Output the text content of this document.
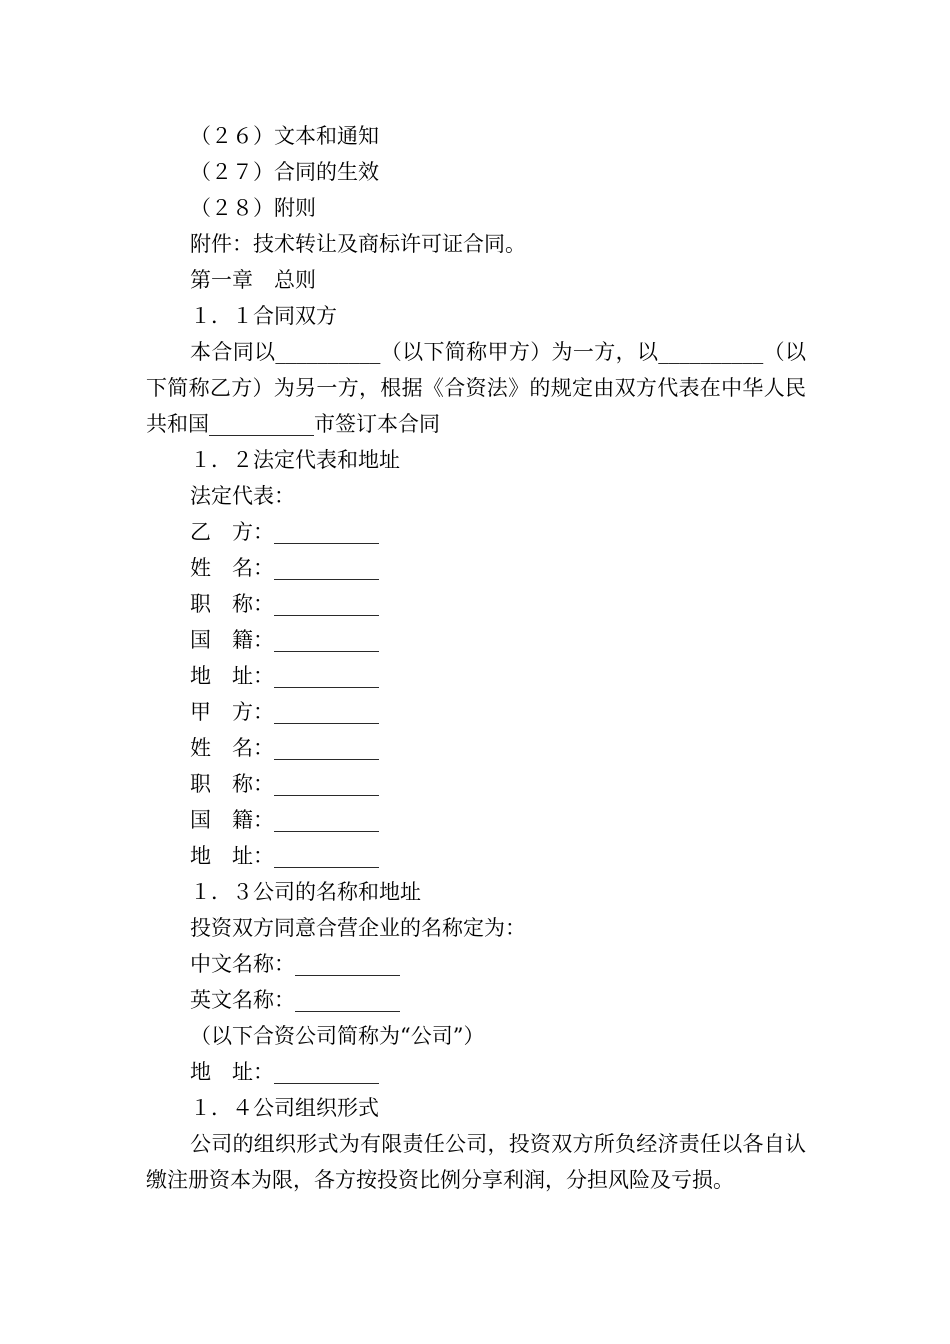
（２６）文本和通知
（２７）合同的生效
（２８）附则
附件：技术转让及商标许可证合同。
第一章　总则
１．１合同双方
本合同以__________（以下简称甲方）为一方，以__________（以下简称乙方）为另一方，根据《合资法》的规定由双方代表在中华人民共和国__________市签订本合同
１．２法定代表和地址
法定代表：
乙　方：__________
姓　名：__________
职　称：__________
国　籍：__________
地　址：__________
甲　方：__________
姓　名：__________
职　称：__________
国　籍：__________
地　址：__________
１．３公司的名称和地址
投资双方同意合营企业的名称定为：
中文名称：__________
英文名称：__________
（以下合资公司简称为“公司”）
地　址：__________
１．４公司组织形式
公司的组织形式为有限责任公司，投资双方所负经济责任以各自认缴注册资本为限，各方按投资比例分享利润，分担风险及亏损。
